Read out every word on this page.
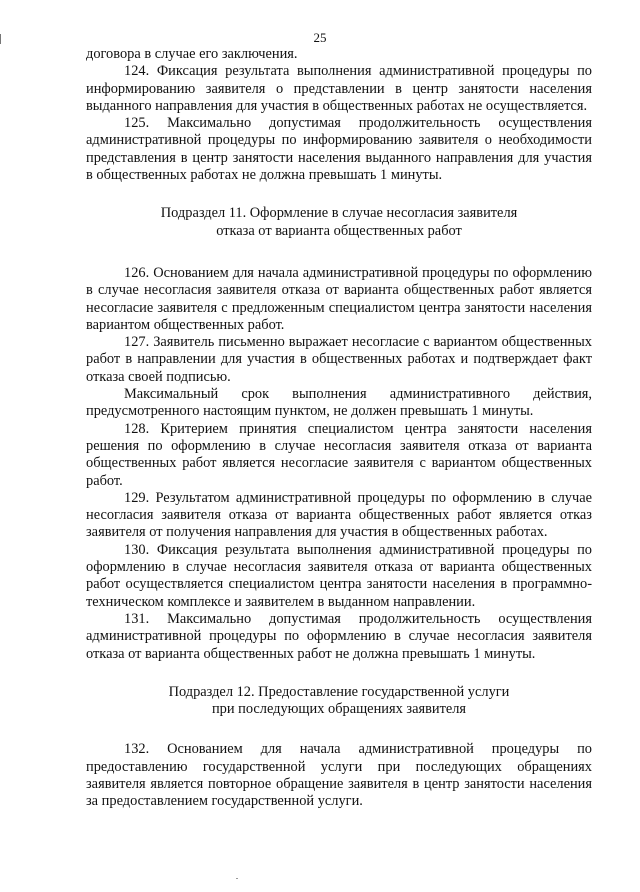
25

договора в случае его заключения.

124. Фиксация результата выполнения административной процедуры по информированию заявителя о представлении в центр занятости населения выданного направления для участия в общественных работах не осуществляется.

125. Максимально допустимая продолжительность осуществления административной процедуры по информированию заявителя о необходимости представления в центр занятости населения выданного направления для участия в общественных работах не должна превышать 1 минуты.

Подраздел 11. Оформление в случае несогласия заявителя

отказа от варианта общественных работ

126. Основанием для начала административной процедуры по оформлению в случае несогласия заявителя отказа от варианта общественных работ является несогласие заявителя с предложенным специалистом центра занятости населения вариантом общественных работ.

127. Заявитель письменно выражает несогласие с вариантом общественных работ в направлении для участия в общественных работах и подтверждает факт отказа своей подписью.

Максимальный срок выполнения административного действия, предусмотренного настоящим пунктом, не должен превышать 1 минуты.

128. Критерием принятия специалистом центра занятости населения решения по оформлению в случае несогласия заявителя отказа от варианта общественных работ является несогласие заявителя с вариантом общественных работ.

129. Результатом административной процедуры по оформлению в случае несогласия заявителя отказа от варианта общественных работ является отказ заявителя от получения направления для участия в общественных работах.

130. Фиксация результата выполнения административной процедуры по оформлению в случае несогласия заявителя отказа от варианта общественных работ осуществляется специалистом центра занятости населения в программно-техническом комплексе и заявителем в выданном направлении.

131. Максимально допустимая продолжительность осуществления административной процедуры по оформлению в случае несогласия заявителя отказа от варианта общественных работ не должна превышать 1 минуты.

Подраздел 12. Предоставление государственной услуги

при последующих обращениях заявителя

132. Основанием для начала административной процедуры по предоставлению государственной услуги при последующих обращениях заявителя является повторное обращение заявителя в центр занятости населения за предоставлением государственной услуги.
